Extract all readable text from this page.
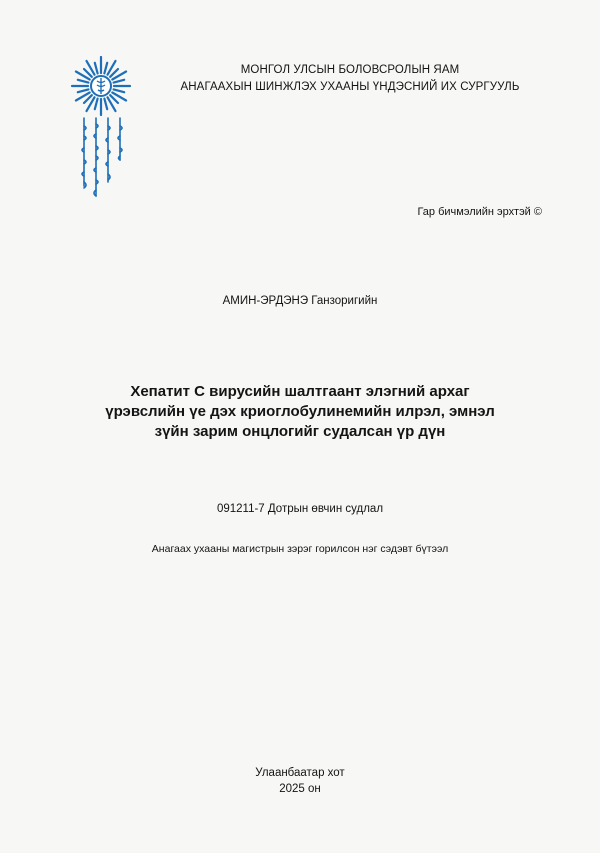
МОНГОЛ УЛСЫН БОЛОВСРОЛЫН ЯАМ
АНАГААХЫН ШИНЖЛЭХ УХААНЫ ҮНДЭСНИЙ ИХ СУРГУУЛЬ
Гар бичмэлийн эрхтэй ©
АМИН-ЭРДЭНЭ Ганзоригийн
Хепатит С вирусийн шалтгаант элэгний архаг
үрэвслийн үе дэх криоглобулинемийн илрэл, эмнэл
зүйн зарим онцлогийг судалсан үр дүн
091211-7 Дотрын өвчин судлал
Анагаах ухааны магистрын зэрэг горилсон нэг сэдэвт бүтээл
Улаанбаатар хот
2025 он
